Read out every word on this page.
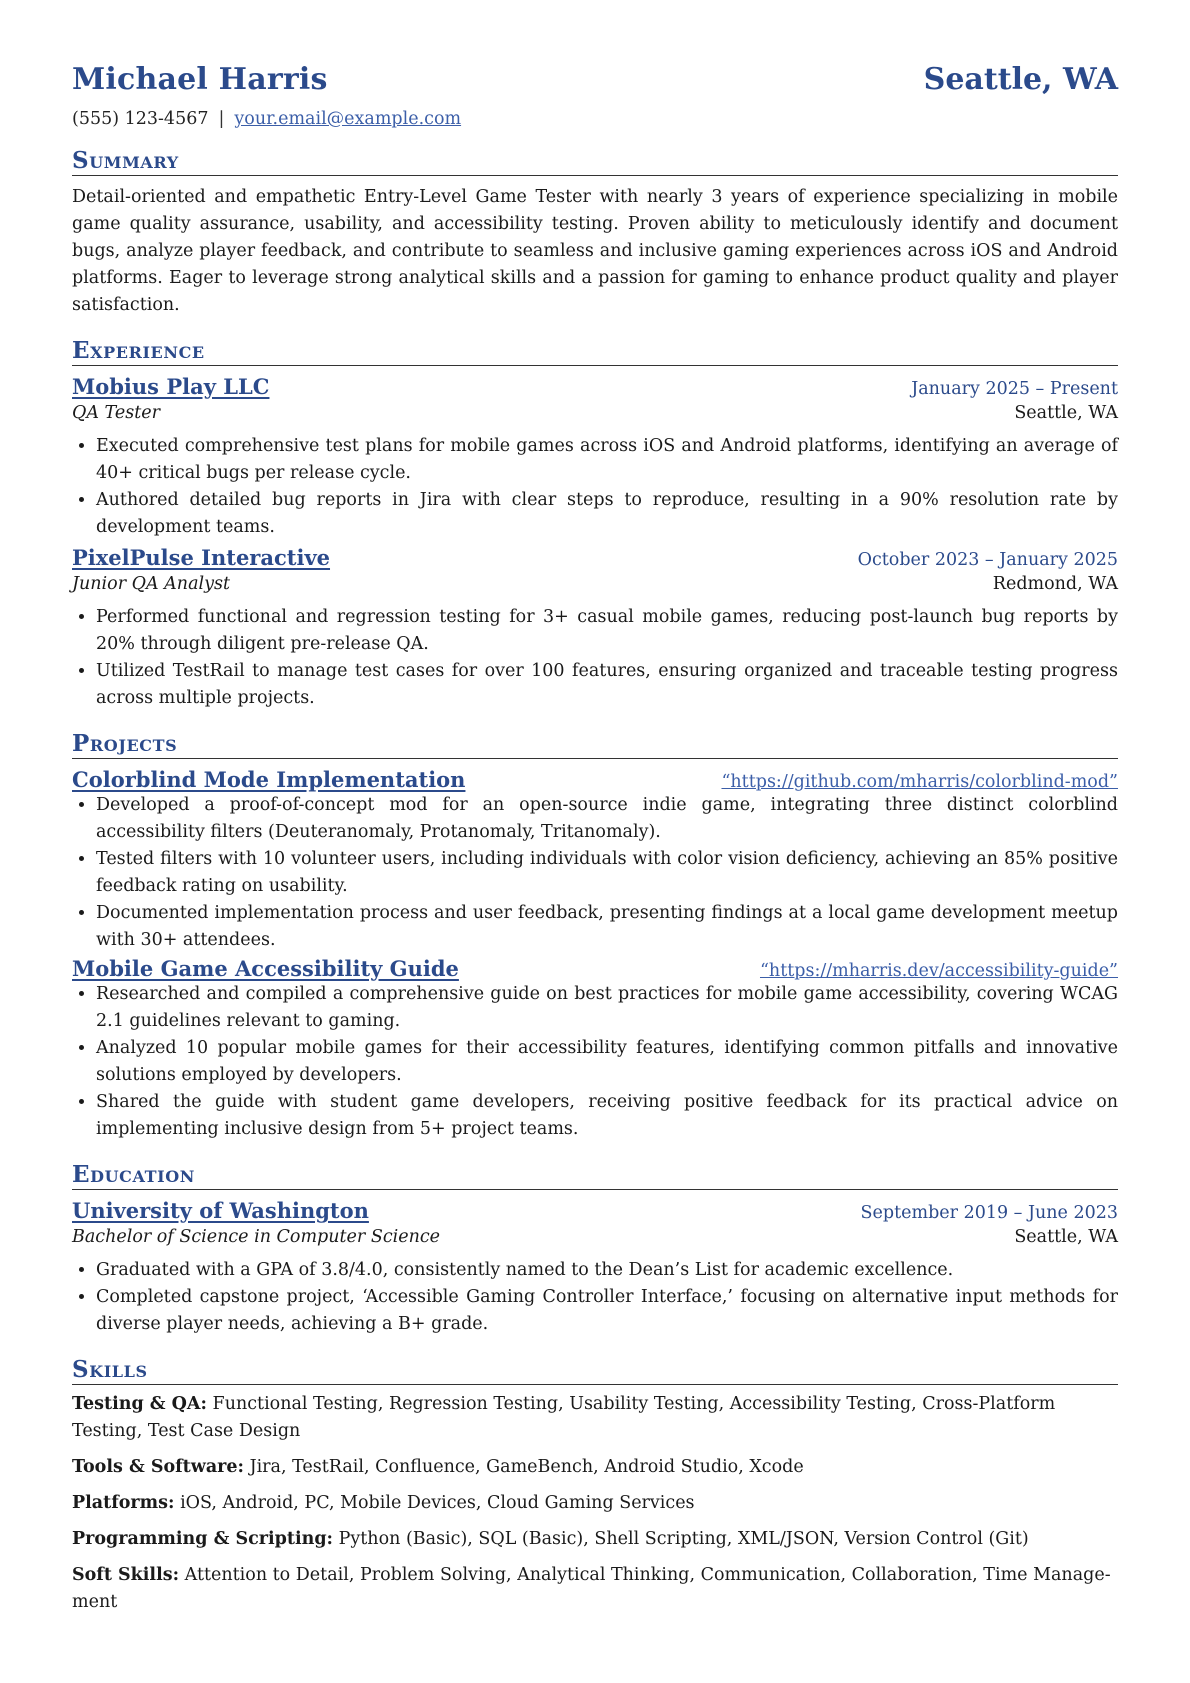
Michael Harris	Seattle, WA
(555) 123-4567 | your.email@example.com
Summary
Detail-oriented and empathetic Entry-Level Game Tester with nearly 3 years of experience specializing in mobile game quality assurance, usability, and accessibility testing. Proven ability to meticulously identify and document bugs, analyze player feedback, and contribute to seamless and inclusive gaming experiences across iOS and Android platforms. Eager to leverage strong analytical skills and a passion for gaming to enhance product quality and player satisfaction.
Experience
Mobius Play LLC	January 2025 – Present
QA Tester	Seattle, WA
• Executed comprehensive test plans for mobile games across iOS and Android platforms, identifying an average of 40+ critical bugs per release cycle.
• Authored detailed bug reports in Jira with clear steps to reproduce, resulting in a 90% resolution rate by development teams.
PixelPulse Interactive	October 2023 – January 2025
Junior QA Analyst	Redmond, WA
• Performed functional and regression testing for 3+ casual mobile games, reducing post-launch bug reports by 20% through diligent pre-release QA.
• Utilized TestRail to manage test cases for over 100 features, ensuring organized and traceable testing progress across multiple projects.
Projects
Colorblind Mode Implementation	“https://github.com/mharris/colorblind-mod”
• Developed a proof-of-concept mod for an open-source indie game, integrating three distinct colorblind accessibility filters (Deuteranomaly, Protanomaly, Tritanomaly).
• Tested filters with 10 volunteer users, including individuals with color vision deficiency, achieving an 85% positive feedback rating on usability.
• Documented implementation process and user feedback, presenting findings at a local game development meetup with 30+ attendees.
Mobile Game Accessibility Guide	“https://mharris.dev/accessibility-guide”
• Researched and compiled a comprehensive guide on best practices for mobile game accessibility, covering WCAG 2.1 guidelines relevant to gaming.
• Analyzed 10 popular mobile games for their accessibility features, identifying common pitfalls and innovative solutions employed by developers.
• Shared the guide with student game developers, receiving positive feedback for its practical advice on implementing inclusive design from 5+ project teams.
Education
University of Washington	September 2019 – June 2023
Bachelor of Science in Computer Science	Seattle, WA
• Graduated with a GPA of 3.8/4.0, consistently named to the Dean’s List for academic excellence.
• Completed capstone project, ‘Accessible Gaming Controller Interface,’ focusing on alternative input methods for diverse player needs, achieving a B+ grade.
Skills
Testing & QA: Functional Testing, Regression Testing, Usability Testing, Accessibility Testing, Cross-Platform Testing, Test Case Design
Tools & Software: Jira, TestRail, Confluence, GameBench, Android Studio, Xcode
Platforms: iOS, Android, PC, Mobile Devices, Cloud Gaming Services
Programming & Scripting: Python (Basic), SQL (Basic), Shell Scripting, XML/JSON, Version Control (Git)
Soft Skills: Attention to Detail, Problem Solving, Analytical Thinking, Communication, Collaboration, Time Manage-ment
